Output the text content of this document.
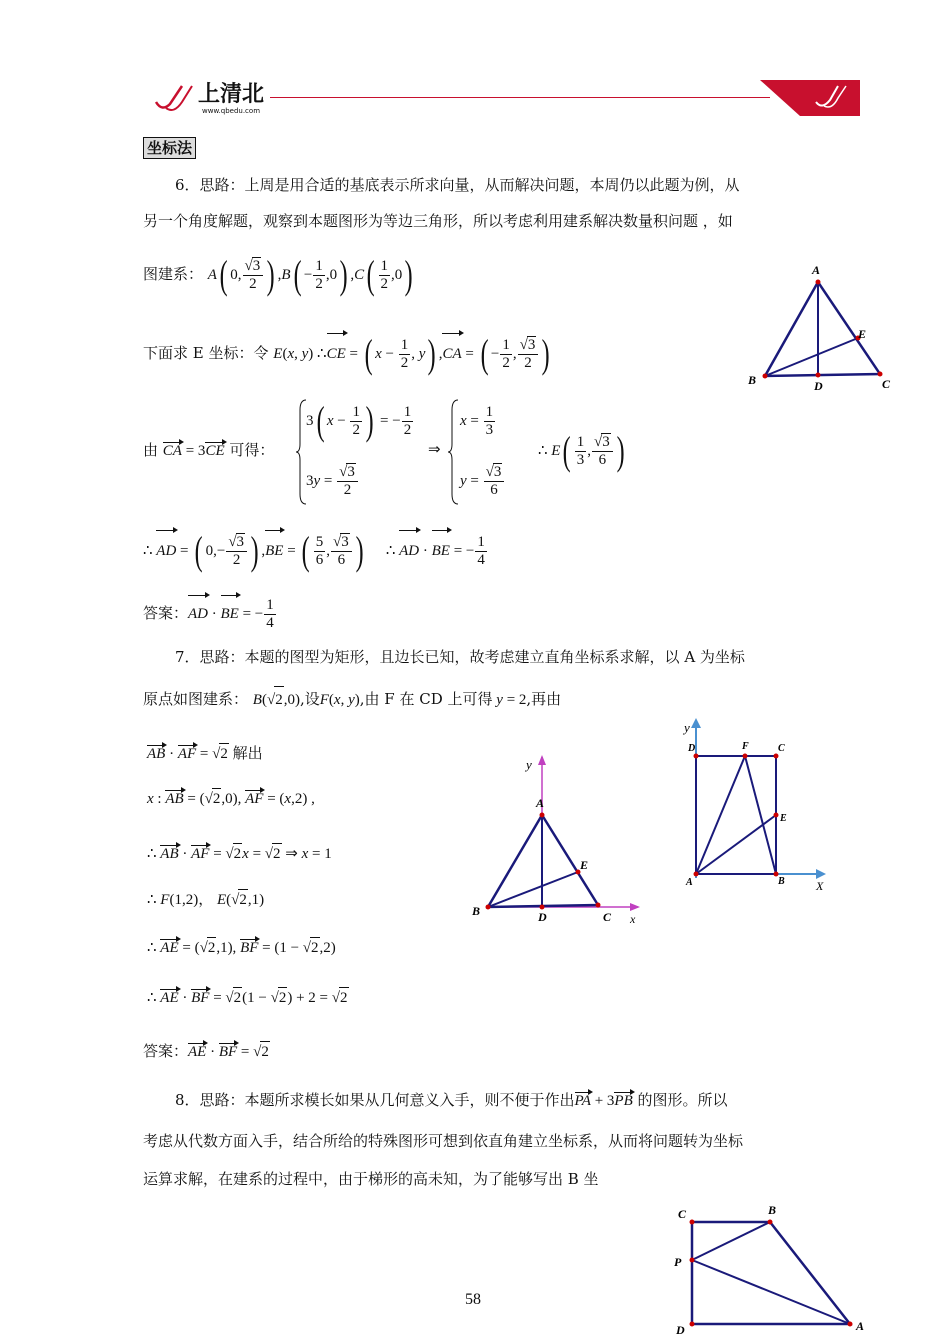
上清北
www.qbedu.com
坐标法
6．思路：上周是用合适的基底表示所求向量，从而解决问题，本周仍以此题为例，从
另一个角度解题，观察到本题图形为等边三角形，所以考虑利用建系解决数量积问题 ，如
图建系： A( 0, $\frac{√3}{2}$ ) $,B( - \frac{1}{2} ,0)$ $,C( \frac{1}{2} ,0)$
下面求 E 坐标：令 E(x, y) ∴CE = ( $x - \frac{1}{2}$ , y) ,CA = ( − $\frac{1}{2}$ , $\frac{√3}{2}$ )
由 CA = 3CE 可得：
3( $x - \frac{1}{2}$ ) = − $\frac{1}{2}$
$3y = \frac{√3}{2}$
⇒
$x = \frac{1}{3}$
$y = \frac{√3}{6}$
∴ $E( \frac{1}{3}$ , $\frac{√3}{6}$ )
∴ AD = ( $0,- \frac{√3}{2}$ ) ,BE = ( $\frac{5}{6}$ , $\frac{√3}{6}$ )     ∴ AD · BE = − $\frac{1}{4}$
答案：AD · BE = − $\frac{1}{4}$
A
B	C
D
E
7．思路：本题的图型为矩形，且边长已知，故考虑建立直角坐标系求解，以 A 为坐标
原点如图建系： B(√2,0),设F(x, y),由 F 在 CD 上可得 y = 2,再由
AB · AF = √2 解出
x : AB = (√2,0), AF = (x,2) ,
∴ AB · AF = √2x = √2 ⇒ x = 1
∴ F(1,2)， E(√2,1)
∴ AE = (√2,1), BF = (1 − √2,2)
∴ AE · BF = √2(1 − √2) + 2 = √2
答案：AE · BF = √2
y
A
B	C
D
E
x
y
D	F	C
E
A	B	X
8．思路：本题所求模长如果从几何意义入手，则不便于作出PA + 3PB 的图形。所以
考虑从代数方面入手，结合所给的特殊图形可想到依直角建立坐标系，从而将问题转为坐标
运算求解，在建系的过程中，由于梯形的高未知，为了能够写出 B 坐
C	B
P
D	A
58
